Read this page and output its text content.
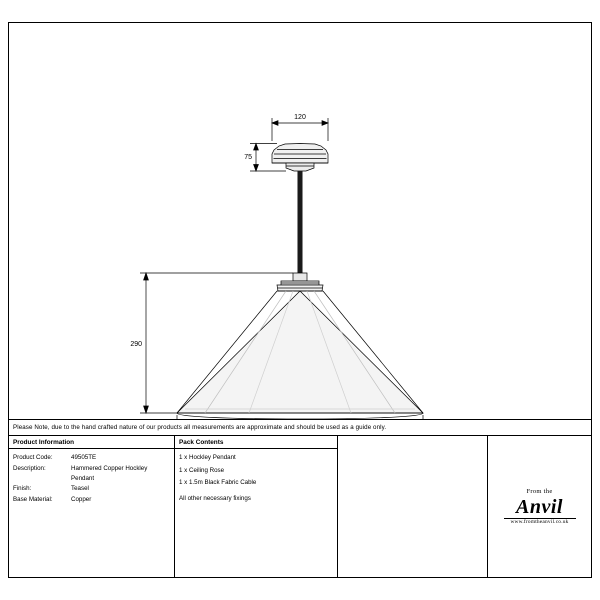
120
75
290
Please Note, due to the hand crafted nature of our products all measurements are approximate and should be used as a guide only.
Product Information
Product Code:	49505TE
Description:	Hammered Copper Hockley Pendant
Finish:	Teasel
Base Material:	Copper
Pack Contents
1 x Hockley Pendant
1 x Ceiling Rose
1 x 1.5m Black Fabric Cable
All other necessary fixings
From the
Anvil
www.fromtheanvil.co.uk
